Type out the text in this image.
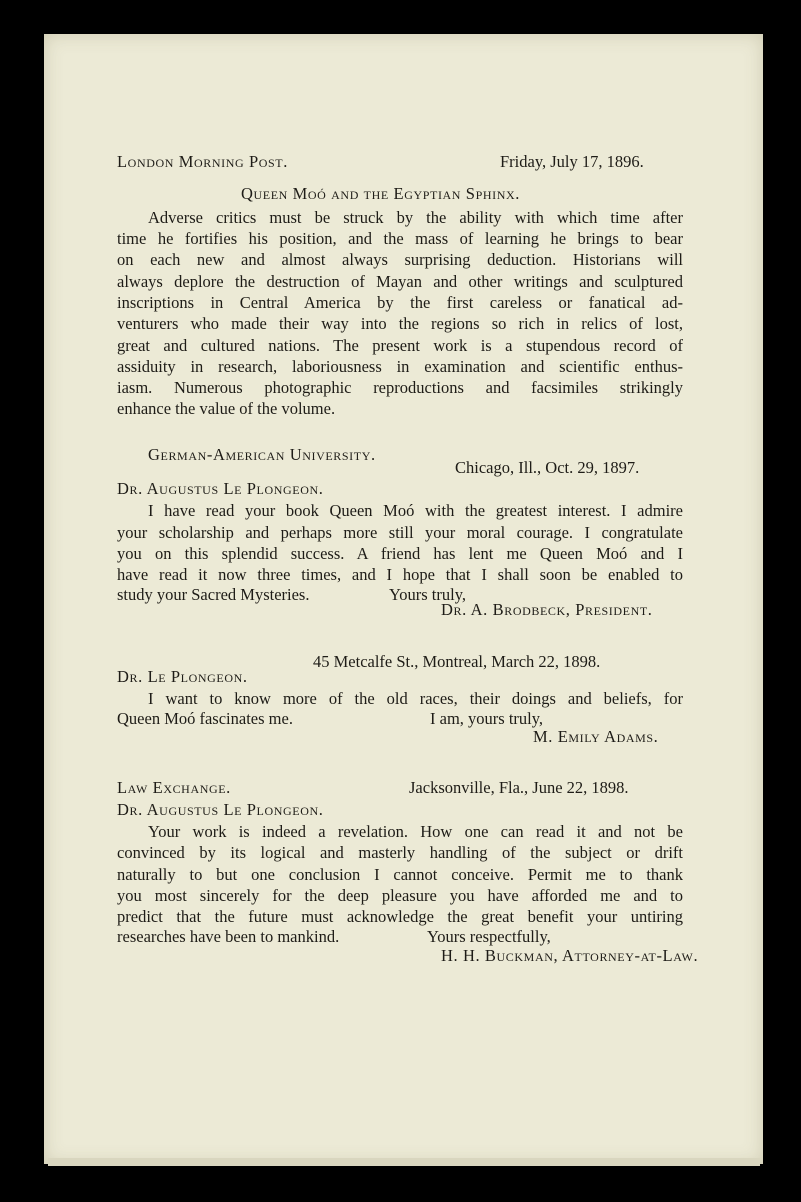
London Morning Post.	Friday, July 17, 1896.
Queen Moó and the Egyptian Sphinx.
Adverse critics must be struck by the ability with which time after
time he fortifies his position, and the mass of learning he brings to bear
on each new and almost always surprising deduction. Historians will
always deplore the destruction of Mayan and other writings and sculptured
inscriptions in Central America by the first careless or fanatical ad-
venturers who made their way into the regions so rich in relics of lost,
great and cultured nations. The present work is a stupendous record of
assiduity in research, laboriousness in examination and scientific enthus-
iasm. Numerous photographic reproductions and facsimiles strikingly
enhance the value of the volume.
German-American University.
Chicago, Ill., Oct. 29, 1897.
Dr. Augustus Le Plongeon.
I have read your book Queen Moó with the greatest interest. I admire
your scholarship and perhaps more still your moral courage. I congratulate
you on this splendid success. A friend has lent me Queen Moó and I
have read it now three times, and I hope that I shall soon be enabled to
study your Sacred Mysteries.	Yours truly,
Dr. A. Brodbeck, President.
45 Metcalfe St., Montreal, March 22, 1898.
Dr. Le Plongeon.
I want to know more of the old races, their doings and beliefs, for
Queen Moó fascinates me.	I am, yours truly,
M. Emily Adams.
Law Exchange.	Jacksonville, Fla., June 22, 1898.
Dr. Augustus Le Plongeon.
Your work is indeed a revelation. How one can read it and not be
convinced by its logical and masterly handling of the subject or drift
naturally to but one conclusion I cannot conceive. Permit me to thank
you most sincerely for the deep pleasure you have afforded me and to
predict that the future must acknowledge the great benefit your untiring
researches have been to mankind.	Yours respectfully,
H. H. Buckman, Attorney-at-Law.
